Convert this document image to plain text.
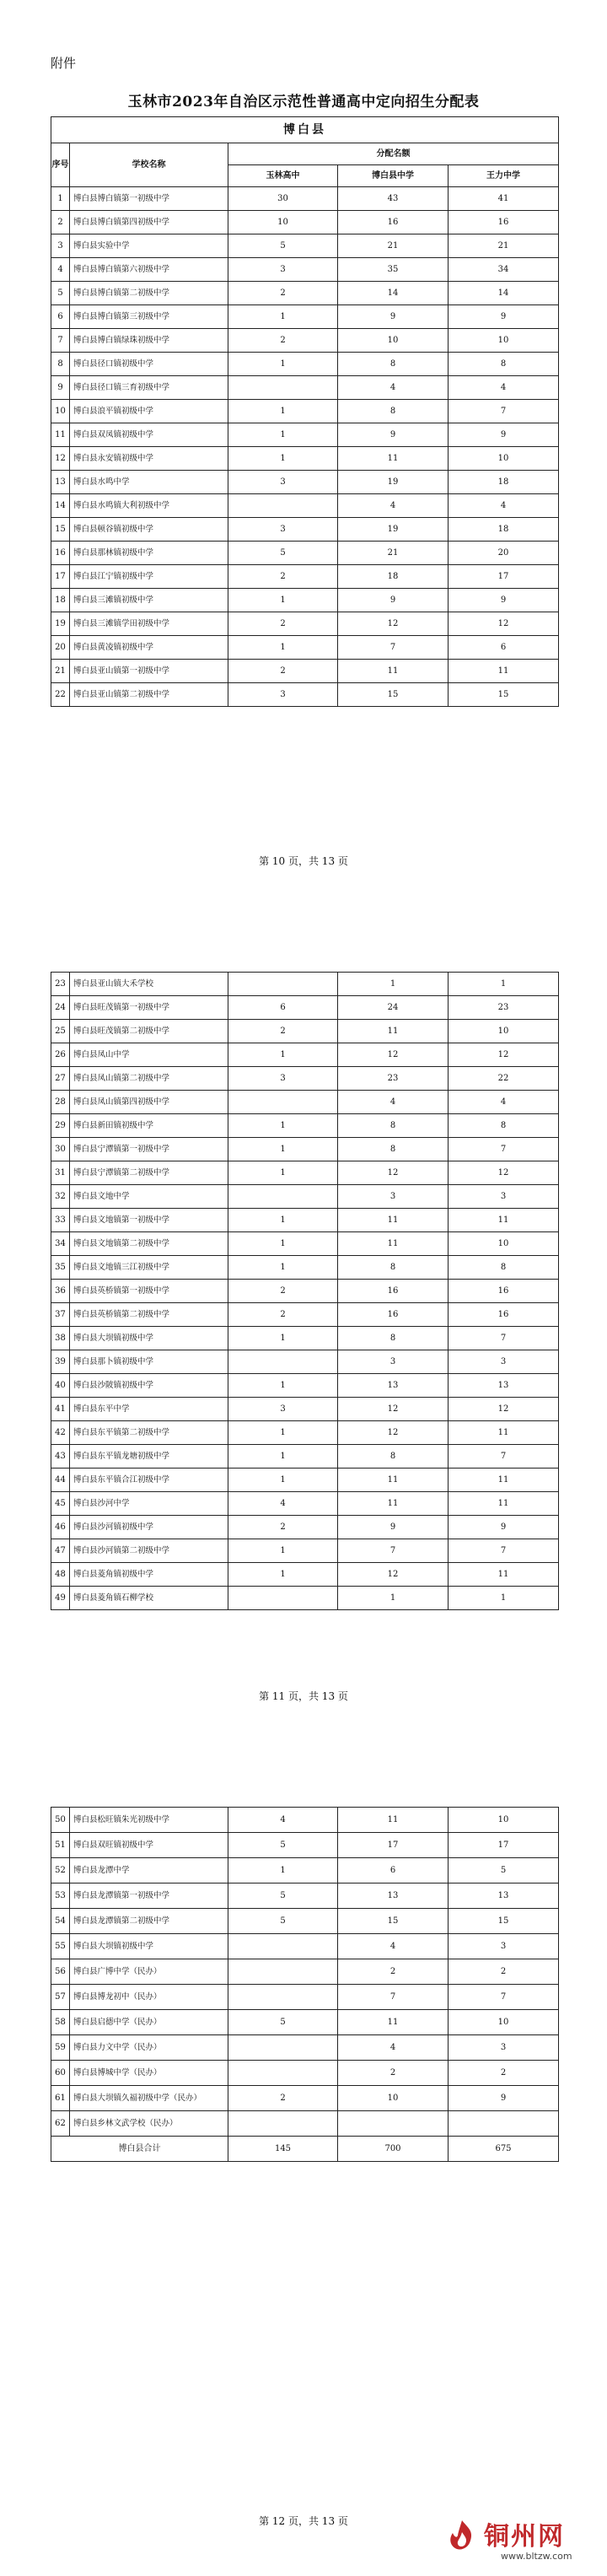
附件
玉林市2023年自治区示范性普通高中定向招生分配表
博白县				
序号	学校名称	分配名额		
		玉林高中	博白县中学	王力中学
1	博白县博白镇第一初级中学	30	43	41
2	博白县博白镇第四初级中学	10	16	16
3	博白县实验中学	5	21	21
4	博白县博白镇第六初级中学	3	35	34
5	博白县博白镇第二初级中学	2	14	14
6	博白县博白镇第三初级中学	1	9	9
7	博白县博白镇绿珠初级中学	2	10	10
8	博白县径口镇初级中学	1	8	8
9	博白县径口镇三育初级中学		4	4
10	博白县浪平镇初级中学	1	8	7
11	博白县双凤镇初级中学	1	9	9
12	博白县永安镇初级中学	1	11	10
13	博白县水鸣中学	3	19	18
14	博白县水鸣镇大利初级中学		4	4
15	博白县顿谷镇初级中学	3	19	18
16	博白县那林镇初级中学	5	21	20
17	博白县江宁镇初级中学	2	18	17
18	博白县三滩镇初级中学	1	9	9
19	博白县三滩镇学田初级中学	2	12	12
20	博白县黄凌镇初级中学	1	7	6
21	博白县亚山镇第一初级中学	2	11	11
22	博白县亚山镇第二初级中学	3	15	15
第 10 页，共 13 页
23	博白县亚山镇大禾学校		1	1
24	博白县旺茂镇第一初级中学	6	24	23
25	博白县旺茂镇第二初级中学	2	11	10
26	博白县凤山中学	1	12	12
27	博白县凤山镇第二初级中学	3	23	22
28	博白县凤山镇第四初级中学		4	4
29	博白县新田镇初级中学	1	8	8
30	博白县宁潭镇第一初级中学	1	8	7
31	博白县宁潭镇第二初级中学	1	12	12
32	博白县文地中学		3	3
33	博白县文地镇第一初级中学	1	11	11
34	博白县文地镇第二初级中学	1	11	10
35	博白县文地镇三江初级中学	1	8	8
36	博白县英桥镇第一初级中学	2	16	16
37	博白县英桥镇第二初级中学	2	16	16
38	博白县大坝镇初级中学	1	8	7
39	博白县那卜镇初级中学		3	3
40	博白县沙陂镇初级中学	1	13	13
41	博白县东平中学	3	12	12
42	博白县东平镇第二初级中学	1	12	11
43	博白县东平镇龙塘初级中学	1	8	7
44	博白县东平镇合江初级中学	1	11	11
45	博白县沙河中学	4	11	11
46	博白县沙河镇初级中学	2	9	9
47	博白县沙河镇第二初级中学	1	7	7
48	博白县菱角镇初级中学	1	12	11
49	博白县菱角镇石柳学校		1	1
第 11 页，共 13 页
50	博白县松旺镇朱光初级中学	4	11	10
51	博白县双旺镇初级中学	5	17	17
52	博白县龙潭中学	1	6	5
53	博白县龙潭镇第一初级中学	5	13	13
54	博白县龙潭镇第二初级中学	5	15	15
55	博白县大坝镇初级中学		4	3
56	博白县广博中学（民办）		2	2
57	博白县博龙初中（民办）		7	7
58	博白县启德中学（民办）	5	11	10
59	博白县力文中学（民办）		4	3
60	博白县博城中学（民办）		2	2
61	博白县大坝镇久福初级中学（民办）	2	10	9
62	博白县乡林文武学校（民办）			
博白县合计		145	700	675
第 12 页，共 13 页
铜州网
www.bltzw.com
